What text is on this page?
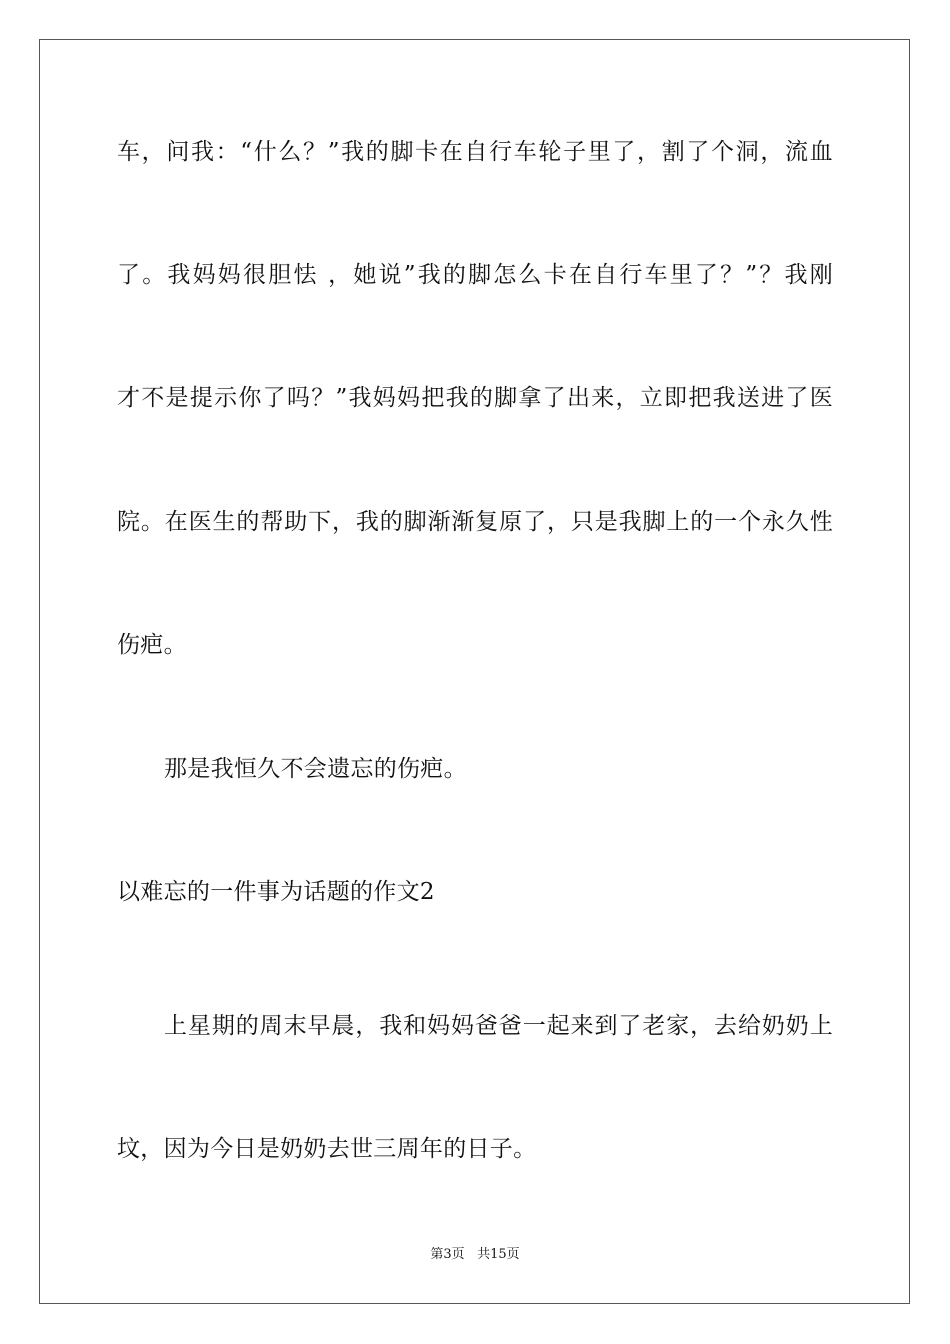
车，问我：“什么？”我的脚卡在自行车轮子里了，割了个洞，流血
了。我妈妈很胆怯 ，她说”我的脚怎么卡在自行车里了？”？我刚
才不是提示你了吗？”我妈妈把我的脚拿了出来，立即把我送进了医
院。在医生的帮助下，我的脚渐渐复原了，只是我脚上的一个永久性
伤疤。
那是我恒久不会遗忘的伤疤。
以难忘的一件事为话题的作文2
上星期的周末早晨，我和妈妈爸爸一起来到了老家，去给奶奶上
坟，因为今日是奶奶去世三周年的日子。
第3页 共15页
